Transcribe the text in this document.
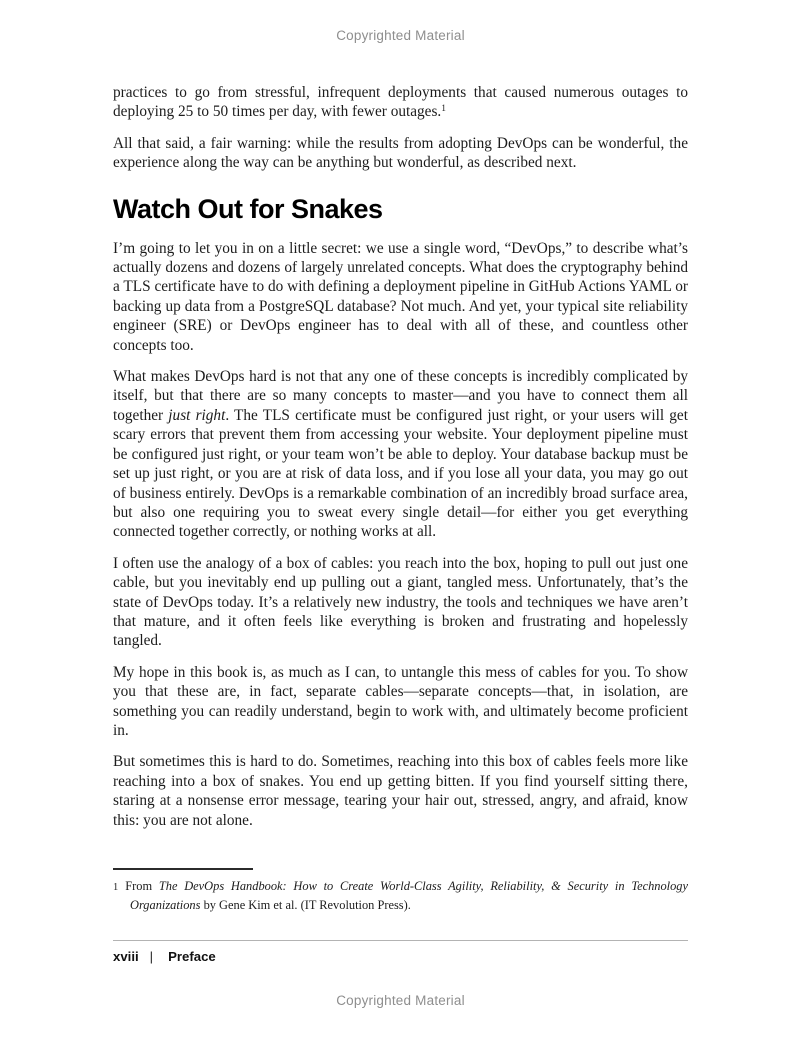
Copyrighted Material

practices to go from stressful, infrequent deployments that caused numerous outages to deploying 25 to 50 times per day, with fewer outages.$^1$

All that said, a fair warning: while the results from adopting DevOps can be wonderful, the experience along the way can be anything but wonderful, as described next.

Watch Out for Snakes

I’m going to let you in on a little secret: we use a single word, “DevOps,” to describe what’s actually dozens and dozens of largely unrelated concepts. What does the cryptography behind a TLS certificate have to do with defining a deployment pipeline in GitHub Actions YAML or backing up data from a PostgreSQL database? Not much. And yet, your typical site reliability engineer (SRE) or DevOps engineer has to deal with all of these, and countless other concepts too.

What makes DevOps hard is not that any one of these concepts is incredibly complicated by itself, but that there are so many concepts to master—and you have to connect them all together just right. The TLS certificate must be configured just right, or your users will get scary errors that prevent them from accessing your website. Your deployment pipeline must be configured just right, or your team won’t be able to deploy. Your database backup must be set up just right, or you are at risk of data loss, and if you lose all your data, you may go out of business entirely. DevOps is a remarkable combination of an incredibly broad surface area, but also one requiring you to sweat every single detail—for either you get everything connected together correctly, or nothing works at all.

I often use the analogy of a box of cables: you reach into the box, hoping to pull out just one cable, but you inevitably end up pulling out a giant, tangled mess. Unfortunately, that’s the state of DevOps today. It’s a relatively new industry, the tools and techniques we have aren’t that mature, and it often feels like everything is broken and frustrating and hopelessly tangled.

My hope in this book is, as much as I can, to untangle this mess of cables for you. To show you that these are, in fact, separate cables—separate concepts—that, in isolation, are something you can readily understand, begin to work with, and ultimately become proficient in.

But sometimes this is hard to do. Sometimes, reaching into this box of cables feels more like reaching into a box of snakes. You end up getting bitten. If you find yourself sitting there, staring at a nonsense error message, tearing your hair out, stressed, angry, and afraid, know this: you are not alone.

1 From The DevOps Handbook: How to Create World-Class Agility, Reliability, & Security in Technology Organizations by Gene Kim et al. (IT Revolution Press).
xviii | Preface
Copyrighted Material
